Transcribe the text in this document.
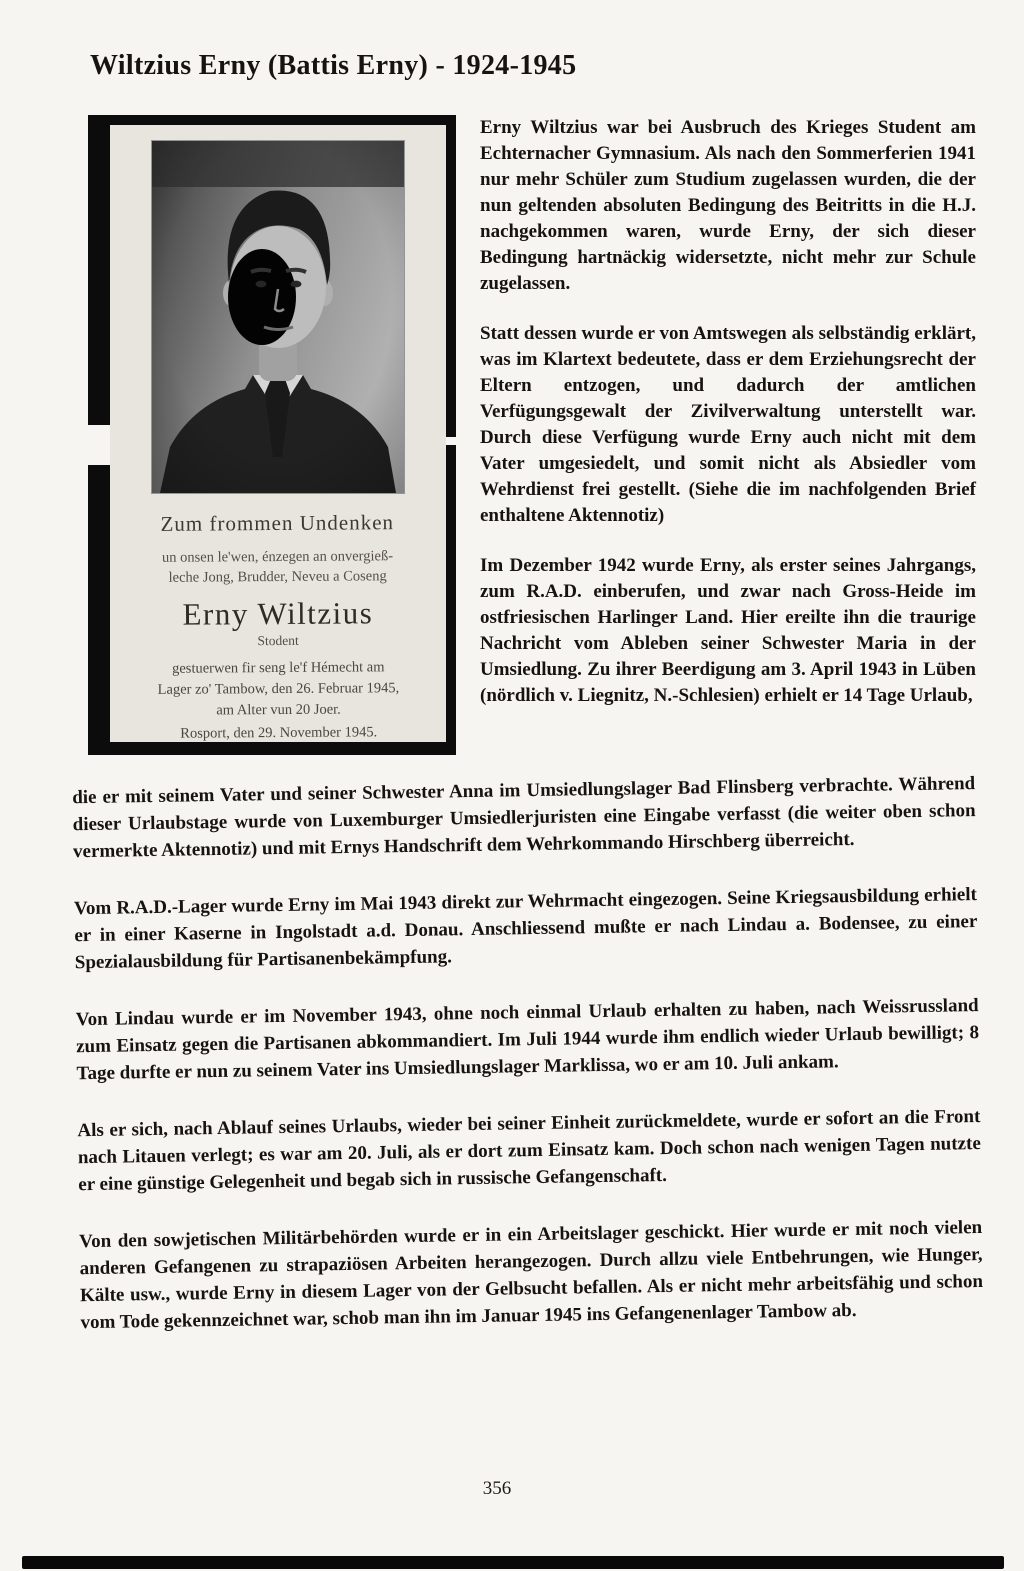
Wiltzius Erny (Battis Erny) - 1924-1945
Zum frommen Undenken
un onsen le'wen, énzegen an onvergieß-
leche Jong, Brudder, Neveu a Coseng
Erny Wiltzius
Stodent
gestuerwen fir seng le'f Hémecht am
Lager zo' Tambow, den 26. Februar 1945,
am Alter vun 20 Joer.
Rosport, den 29. November 1945.

Erny Wiltzius war bei Ausbruch des Krieges Student am Echternacher Gymnasium. Als nach den Sommerferien 1941 nur mehr Schüler zum Studium zugelassen wurden, die der nun geltenden absoluten Bedingung des Beitritts in die H.J. nachgekommen waren, wurde Erny, der sich dieser Bedingung hartnäckig widersetzte, nicht mehr zur Schule zugelassen.

Statt dessen wurde er von Amtswegen als selbständig erklärt, was im Klartext bedeutete, dass er dem Erziehungsrecht der Eltern entzogen, und dadurch der amtlichen Verfügungsgewalt der Zivilverwaltung unterstellt war. Durch diese Verfügung wurde Erny auch nicht mit dem Vater umgesiedelt, und somit nicht als Absiedler vom Wehrdienst frei gestellt. (Siehe die im nachfolgenden Brief enthaltene Aktennotiz)

Im Dezember 1942 wurde Erny, als erster seines Jahrgangs, zum R.A.D. einberufen, und zwar nach Gross-Heide im ostfriesischen Harlinger Land. Hier ereilte ihn die traurige Nachricht vom Ableben seiner Schwester Maria in der Umsiedlung. Zu ihrer Beerdigung am 3. April 1943 in Lüben (nördlich v. Liegnitz, N.-Schlesien) erhielt er 14 Tage Urlaub,

die er mit seinem Vater und seiner Schwester Anna im Umsiedlungslager Bad Flinsberg verbrachte. Während dieser Urlaubstage wurde von Luxemburger Umsiedlerjuristen eine Eingabe verfasst (die weiter oben schon vermerkte Aktennotiz) und mit Ernys Handschrift dem Wehrkommando Hirschberg überreicht.

Vom R.A.D.-Lager wurde Erny im Mai 1943 direkt zur Wehrmacht eingezogen. Seine Kriegsausbildung erhielt er in einer Kaserne in Ingolstadt a.d. Donau. Anschliessend mußte er nach Lindau a. Bodensee, zu einer Spezialausbildung für Partisanenbekämpfung.

Von Lindau wurde er im November 1943, ohne noch einmal Urlaub erhalten zu haben, nach Weissrussland zum Einsatz gegen die Partisanen abkommandiert. Im Juli 1944 wurde ihm endlich wieder Urlaub bewilligt; 8 Tage durfte er nun zu seinem Vater ins Umsiedlungslager Marklissa, wo er am 10. Juli ankam.

Als er sich, nach Ablauf seines Urlaubs, wieder bei seiner Einheit zurückmeldete, wurde er sofort an die Front nach Litauen verlegt; es war am 20. Juli, als er dort zum Einsatz kam. Doch schon nach wenigen Tagen nutzte er eine günstige Gelegenheit und begab sich in russische Gefangenschaft.

Von den sowjetischen Militärbehörden wurde er in ein Arbeitslager geschickt. Hier wurde er mit noch vielen anderen Gefangenen zu strapaziösen Arbeiten herangezogen. Durch allzu viele Entbehrungen, wie Hunger, Kälte usw., wurde Erny in diesem Lager von der Gelbsucht befallen. Als er nicht mehr arbeitsfähig und schon vom Tode gekennzeichnet war, schob man ihn im Januar 1945 ins Gefangenenlager Tambow ab.

356
